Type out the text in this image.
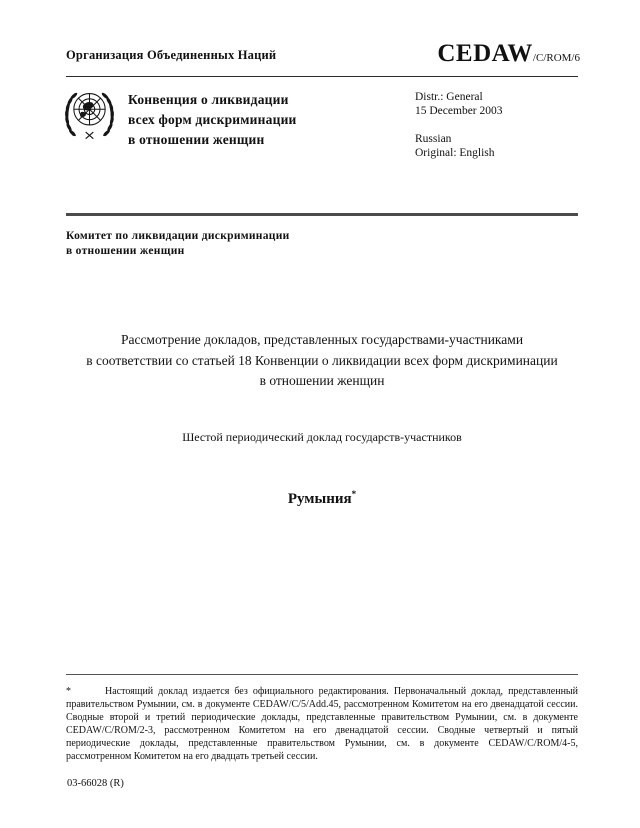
Организация Объединенных Наций	CEDAW/C/ROM/6
Конвенция о ликвидации
всех форм дискриминации
в отношении женщин
Distr.: General
15 December 2003
Russian
Original: English
Комитет по ликвидации дискриминации
в отношении женщин
Рассмотрение докладов, представленных государствами-участниками
в соответствии со статьей 18 Конвенции о ликвидации всех форм дискриминации
в отношении женщин
Шестой периодический доклад государств-участников
Румыния*

*	Настоящий доклад издается без официального редактирования. Первоначальный доклад, представленный правительством Румынии, см. в документе CEDAW/C/5/Add.45, рассмотренном Комитетом на его двенадцатой сессии. Сводные второй и третий периодические доклады, представленные правительством Румынии, см. в документе CEDAW/C/ROM/2-3, рассмотренном Комитетом на его двенадцатой сессии. Сводные четвертый и пятый периодические доклады, представленные правительством Румынии, см. в документе CEDAW/C/ROM/4-5, рассмотренном Комитетом на его двадцать третьей сессии.

03-66028 (R)
